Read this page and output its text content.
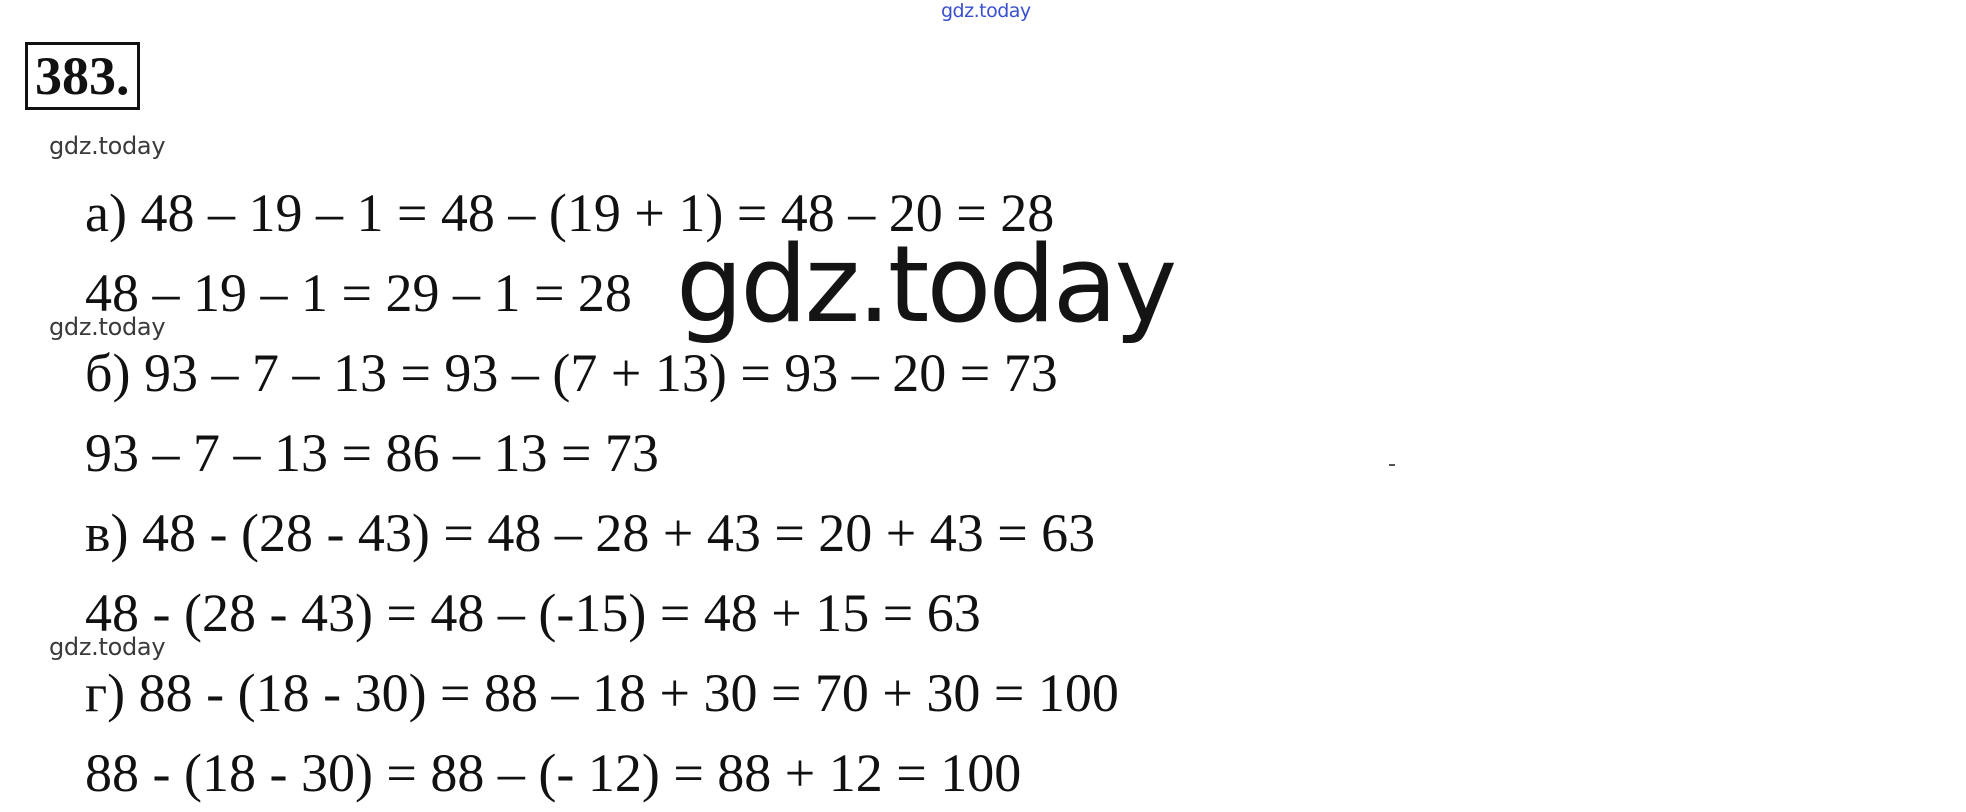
gdz.today
383.
gdz.today
gdz.today
gdz.today
а) 48 – 19 – 1 = 48 – (19 + 1) = 48 – 20 = 28
48 – 19 – 1 = 29 – 1 = 28
б) 93 – 7 – 13 = 93 – (7 + 13) = 93 – 20 = 73
93 – 7 – 13 = 86 – 13 = 73
в) 48 - (28 - 43) = 48 – 28 + 43 = 20 + 43 = 63
48 - (28 - 43) = 48 – (-15) = 48 + 15 = 63
г) 88 - (18 - 30) = 88 – 18 + 30 = 70 + 30 = 100
88 - (18 - 30) = 88 – (- 12) = 88 + 12 = 100
gdz.today
